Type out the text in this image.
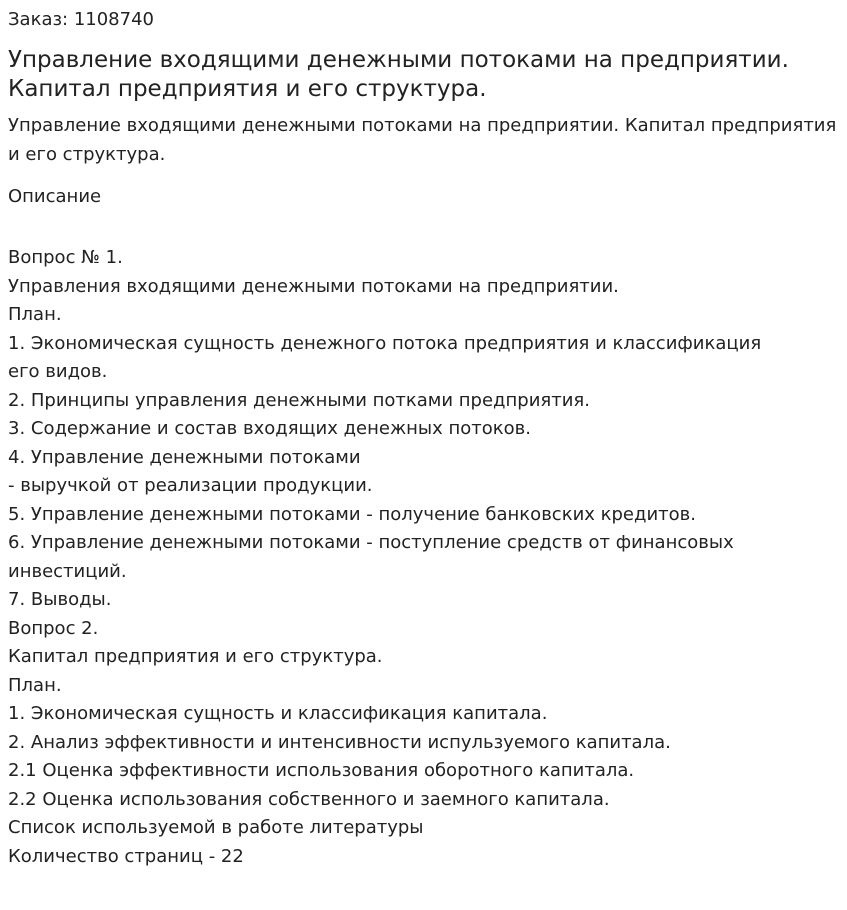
Заказ: 1108740
Управление входящими денежными потоками на предприятии. Капитал предприятия и его структура.
Управление входящими денежными потоками на предприятии. Капитал предприятия и его структура.
Описание
Вопрос № 1.
Управления входящими денежными потоками на предприятии.
План.
1. Экономическая сущность денежного потока предприятия и классификация
его видов.
2. Принципы управления денежными потками предприятия.
3. Содержание и состав входящих денежных потоков.
4. Управление денежными потоками
- выручкой от реализации продукции.
5. Управление денежными потоками - получение банковских кредитов.
6. Управление денежными потоками - поступление средств от финансовых
инвестиций.
7. Выводы.
Вопрос 2.
Капитал предприятия и его структура.
План.
1. Экономическая сущность и классификация капитала.
2. Анализ эффективности и интенсивности испульзуемого капитала.
2.1 Оценка эффективности использования оборотного капитала.
2.2 Оценка использования собственного и заемного капитала.
Список используемой в работе литературы
Количество страниц - 22
